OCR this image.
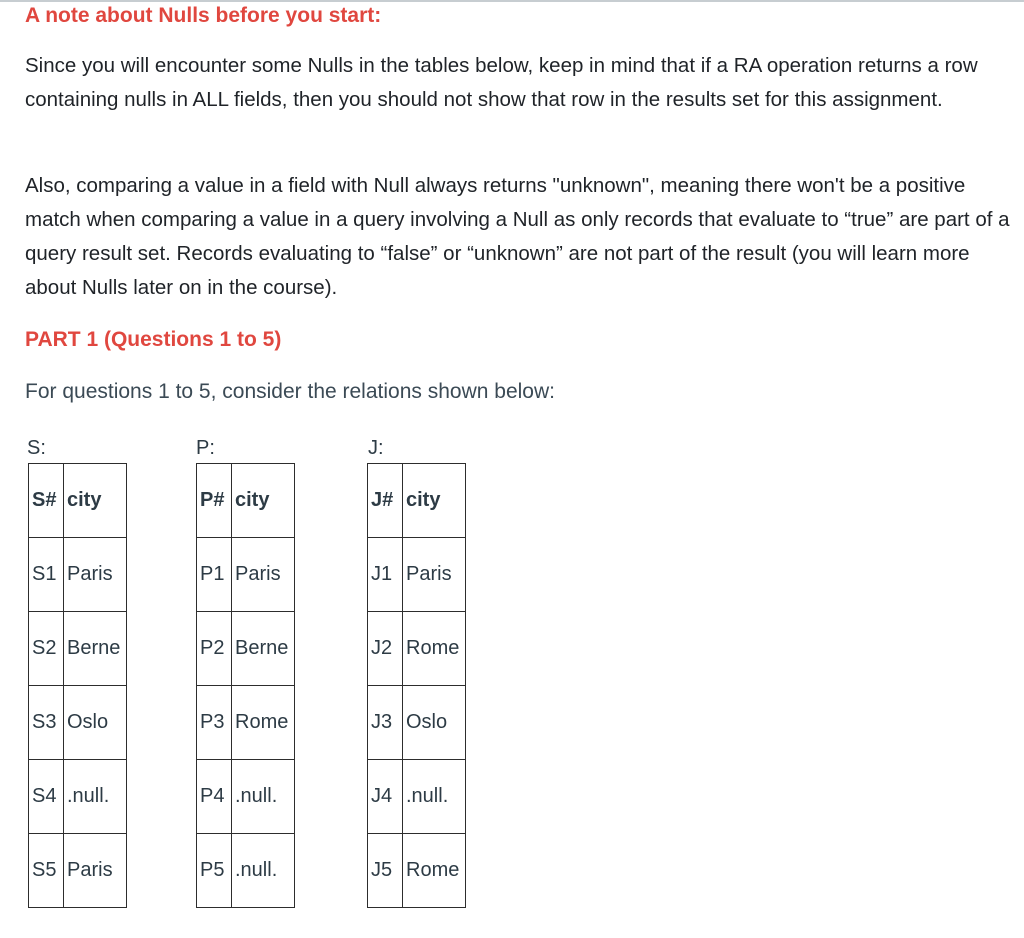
A note about Nulls before you start:

Since you will encounter some Nulls in the tables below, keep in mind that if a RA operation returns a row containing nulls in ALL fields, then you should not show that row in the results set for this assignment.

Also, comparing a value in a field with Null always returns "unknown", meaning there won't be a positive match when comparing a value in a query involving a Null as only records that evaluate to “true” are part of a query result set. Records evaluating to “false” or “unknown” are not part of the result (you will learn more about Nulls later on in the course).

PART 1 (Questions 1 to 5)

For questions 1 to 5, consider the relations shown below:

S:
S#	city
S1	Paris
S2	Berne
S3	Oslo
S4	.null.
S5	Paris
P:
P#	city
P1	Paris
P2	Berne
P3	Rome
P4	.null.
P5	.null.
J:
J#	city
J1	Paris
J2	Rome
J3	Oslo
J4	.null.
J5	Rome
